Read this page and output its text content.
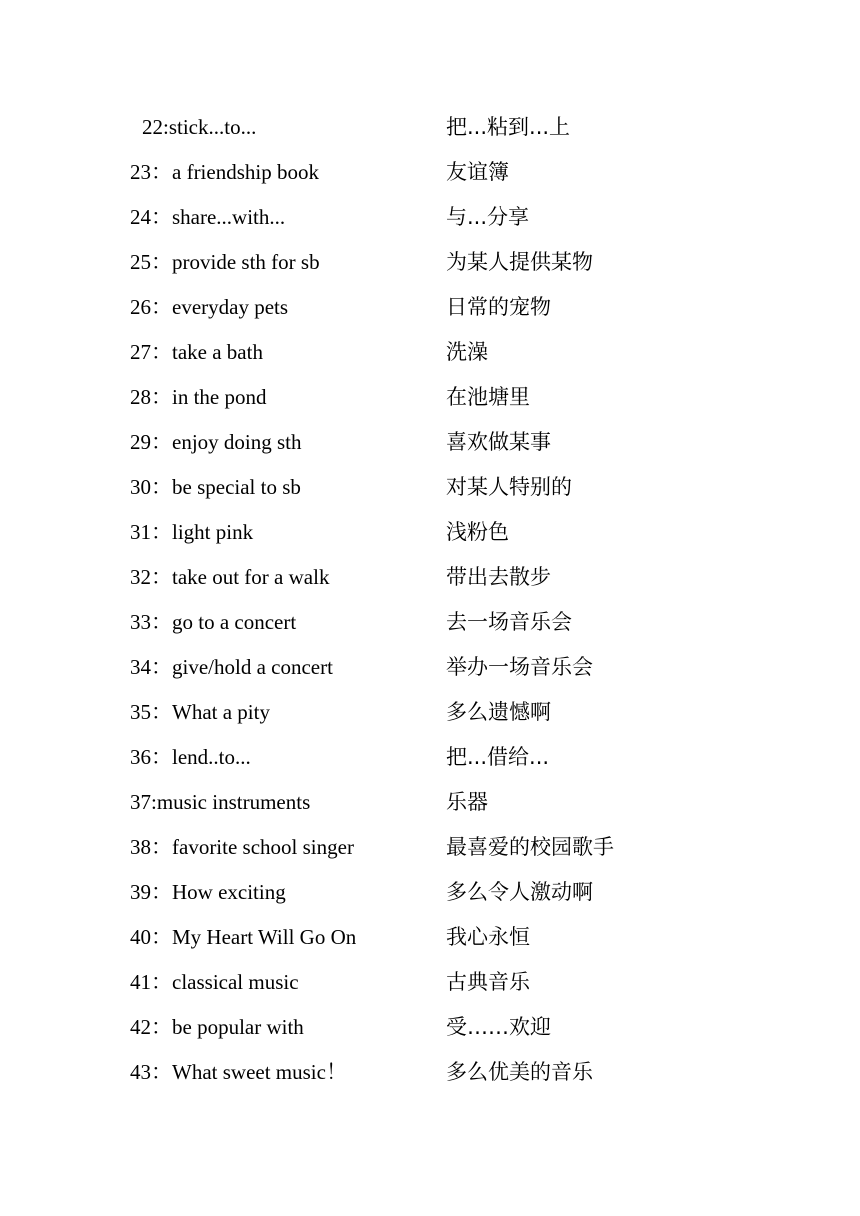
22:stick...to...	把...粘到...上
23：a friendship book	友谊簿
24：share...with...	与...分享
25：provide sth for sb	为某人提供某物
26：everyday pets	日常的宠物
27：take a bath	洗澡
28：in the pond	在池塘里
29：enjoy doing sth	喜欢做某事
30：be special to sb	对某人特别的
31：light pink	浅粉色
32：take out for a walk	带出去散步
33：go to a concert	去一场音乐会
34：give/hold a concert	举办一场音乐会
35：What a pity	多么遗憾啊
36：lend..to...	把...借给...
37:music instruments	乐器
38：favorite school singer	最喜爱的校园歌手
39：How exciting	多么令人激动啊
40：My Heart Will Go On	我心永恒
41：classical music	古典音乐
42：be popular with	受……欢迎
43：What sweet music！	多么优美的音乐
